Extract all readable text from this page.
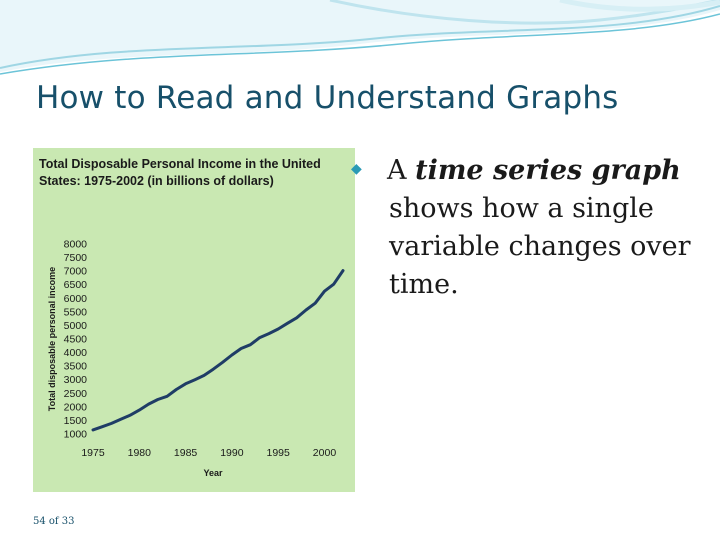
How to Read and Understand Graphs

Total Disposable Personal Income in the United States: 1975-2002 (in billions of dollars)

1000
1500
2000
2500
3000
3500
4000
4500
5000
5500
6000
6500
7000
7500
8000
1975 1980 1985 1990 1995 2000
Year
Total disposable personal income
◆ A time series graph shows how a single variable changes over time.
54 of 33
